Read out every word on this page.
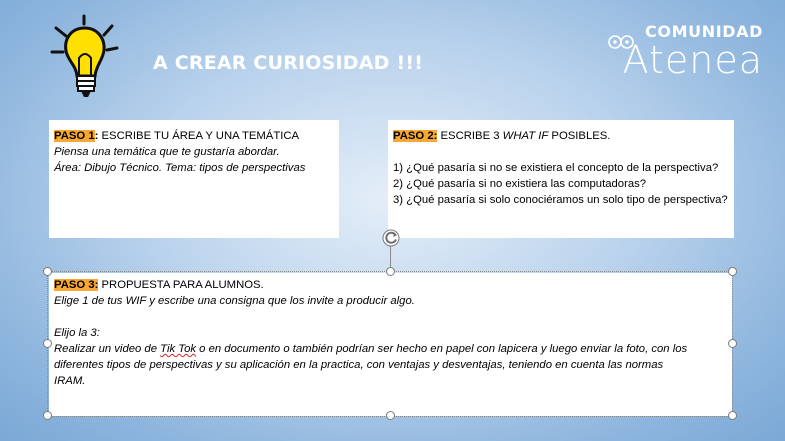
A CREAR CURIOSIDAD !!!
COMUNIDAD
Atenea
PASO 1: ESCRIBE TU ÁREA Y UNA TEMÁTICA
Piensa una temática que te gustaría abordar.
Área: Dibujo Técnico. Tema: tipos de perspectivas
PASO 2: ESCRIBE 3 WHAT IF POSIBLES.
1) ¿Qué pasaría si no se existiera el concepto de la perspectiva?
2) ¿Qué pasaría si no existiera las computadoras?
3) ¿Qué pasaría si solo conociéramos un solo tipo de perspectiva?
PASO 3: PROPUESTA PARA ALUMNOS.
Elige 1 de tus WIF y escribe una consigna que los invite a producir algo.
Elijo la 3:
Realizar un video de Tik Tok o en documento o también podrían ser hecho en papel con lapicera y luego enviar la foto, con los
diferentes tipos de perspectivas y su aplicación en la practica, con ventajas y desventajas, teniendo en cuenta las normas
IRAM.
